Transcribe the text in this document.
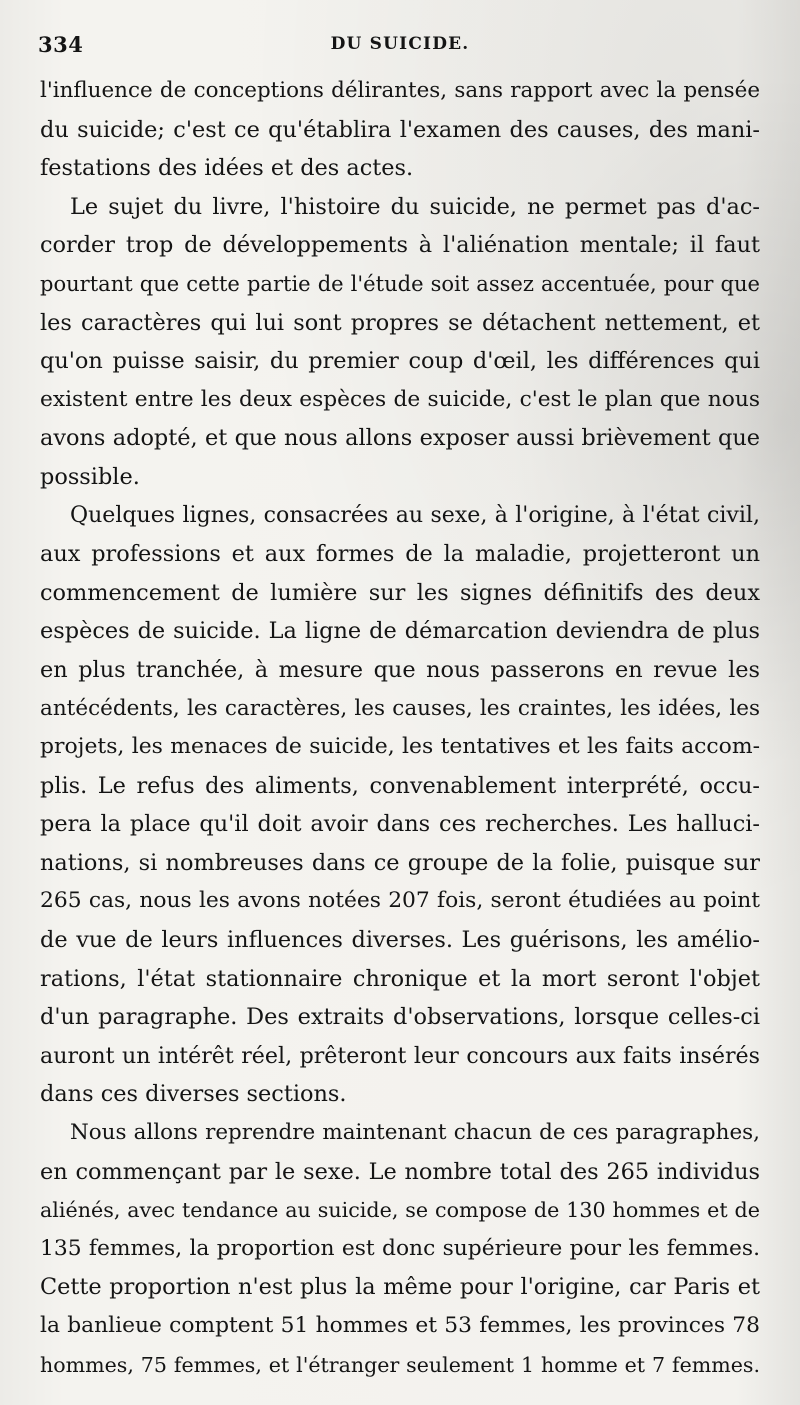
334	DU SUICIDE.

l'influence de conceptions délirantes, sans rapport avec la pensée
du suicide; c'est ce qu'établira l'examen des causes, des mani-
festations des idées et des actes.

Le sujet du livre, l'histoire du suicide, ne permet pas d'ac-
corder trop de développements à l'aliénation mentale; il faut
pourtant que cette partie de l'étude soit assez accentuée, pour que
les caractères qui lui sont propres se détachent nettement, et
qu'on puisse saisir, du premier coup d'œil, les différences qui
existent entre les deux espèces de suicide, c'est le plan que nous
avons adopté, et que nous allons exposer aussi brièvement que
possible.

Quelques lignes, consacrées au sexe, à l'origine, à l'état civil,
aux professions et aux formes de la maladie, projetteront un
commencement de lumière sur les signes définitifs des deux
espèces de suicide. La ligne de démarcation deviendra de plus
en plus tranchée, à mesure que nous passerons en revue les
antécédents, les caractères, les causes, les craintes, les idées, les
projets, les menaces de suicide, les tentatives et les faits accom-
plis. Le refus des aliments, convenablement interprété, occu-
pera la place qu'il doit avoir dans ces recherches. Les halluci-
nations, si nombreuses dans ce groupe de la folie, puisque sur
265 cas, nous les avons notées 207 fois, seront étudiées au point
de vue de leurs influences diverses. Les guérisons, les amélio-
rations, l'état stationnaire chronique et la mort seront l'objet
d'un paragraphe. Des extraits d'observations, lorsque celles-ci
auront un intérêt réel, prêteront leur concours aux faits insérés
dans ces diverses sections.

Nous allons reprendre maintenant chacun de ces paragraphes,
en commençant par le sexe. Le nombre total des 265 individus
aliénés, avec tendance au suicide, se compose de 130 hommes et de
135 femmes, la proportion est donc supérieure pour les femmes.
Cette proportion n'est plus la même pour l'origine, car Paris et
la banlieue comptent 51 hommes et 53 femmes, les provinces 78
hommes, 75 femmes, et l'étranger seulement 1 homme et 7 femmes.
